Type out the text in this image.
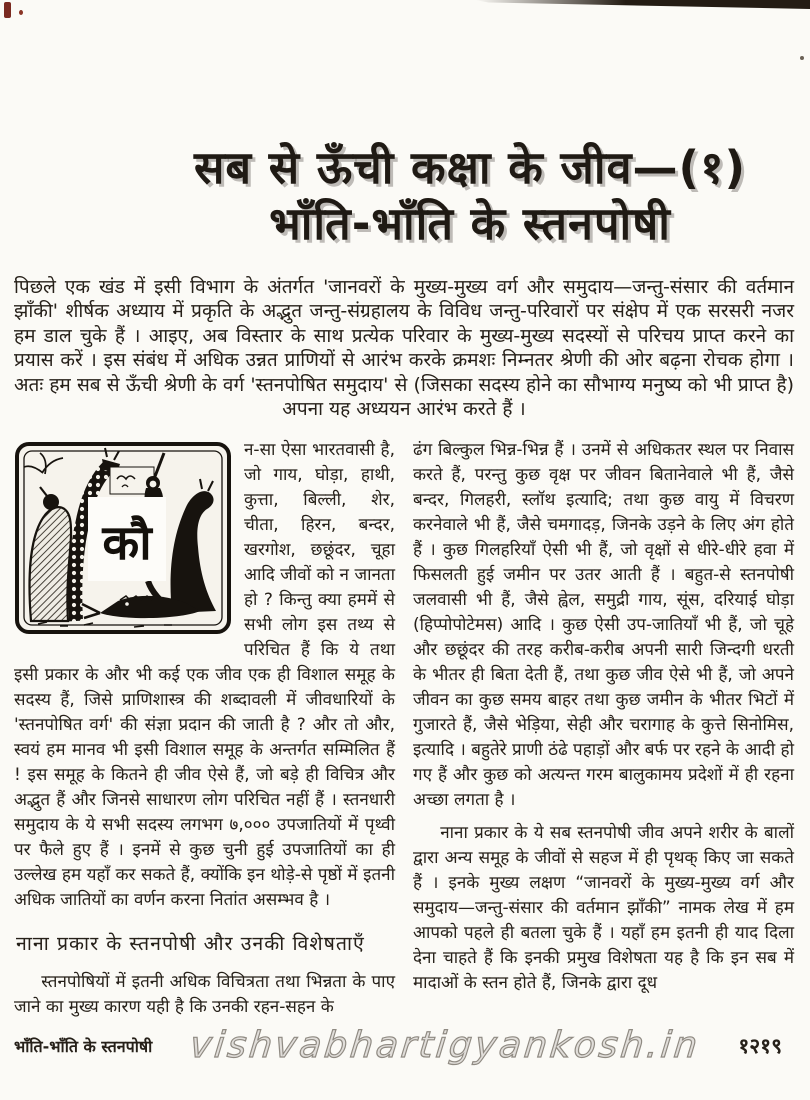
सब से ऊँची कक्षा के जीव—(१)
भाँति-भाँति के स्तनपोषी

पिछले एक खंड में इसी विभाग के अंतर्गत 'जानवरों के मुख्य-मुख्य वर्ग और समुदाय—जन्तु-संसार की वर्तमान झाँकी' शीर्षक अध्याय में प्रकृति के अद्भुत जन्तु-संग्रहालय के विविध जन्तु-परिवारों पर संक्षेप में एक सरसरी नजर हम डाल चुके हैं । आइए, अब विस्तार के साथ प्रत्येक परिवार के मुख्य-मुख्य सदस्यों से परिचय प्राप्त करने का प्रयास करें । इस संबंध में अधिक उन्नत प्राणियों से आरंभ करके क्रमशः निम्नतर श्रेणी की ओर बढ़ना रोचक होगा । अतः हम सब से ऊँची श्रेणी के वर्ग 'स्तनपोषित समुदाय' से (जिसका सदस्य होने का सौभाग्य मनुष्य को भी प्राप्त है) अपना यह अध्ययन आरंभ करते हैं ।

कौ

न-सा ऐसा भारतवासी है, जो गाय, घोड़ा, हाथी, कुत्ता, बिल्ली, शेर, चीता, हिरन, बन्दर, खरगोश, छछूंदर, चूहा आदि जीवों को न जानता हो ? किन्तु क्या हममें से सभी लोग इस तथ्य से परिचित हैं कि ये तथा इसी प्रकार के और भी कई एक जीव एक ही विशाल समूह के सदस्य हैं, जिसे प्राणिशास्त्र की शब्दावली में जीवधारियों के 'स्तनपोषित वर्ग' की संज्ञा प्रदान की जाती है ? और तो और, स्वयं हम मानव भी इसी विशाल समूह के अन्तर्गत सम्मिलित हैं ! इस समूह के कितने ही जीव ऐसे हैं, जो बड़े ही विचित्र और अद्भुत हैं और जिनसे साधारण लोग परिचित नहीं हैं । स्तनधारी समुदाय के ये सभी सदस्य लगभग ७,००० उपजातियों में पृथ्वी पर फैले हुए हैं । इनमें से कुछ चुनी हुई उपजातियों का ही उल्लेख हम यहाँ कर सकते हैं, क्योंकि इन थोड़े-से पृष्ठों में इतनी अधिक जातियों का वर्णन करना नितांत असम्भव है ।

नाना प्रकार के स्तनपोषी और उनकी विशेषताएँ

स्तनपोषियों में इतनी अधिक विचित्रता तथा भिन्नता के पाए जाने का मुख्य कारण यही है कि उनकी रहन-सहन के

ढंग बिल्कुल भिन्न-भिन्न हैं । उनमें से अधिकतर स्थल पर निवास करते हैं, परन्तु कुछ वृक्ष पर जीवन बितानेवाले भी हैं, जैसे बन्दर, गिलहरी, स्लॉथ इत्यादि; तथा कुछ वायु में विचरण करनेवाले भी हैं, जैसे चमगादड़, जिनके उड़ने के लिए अंग होते हैं । कुछ गिलहरियाँ ऐसी भी हैं, जो वृक्षों से धीरे-धीरे हवा में फिसलती हुई जमीन पर उतर आती हैं । बहुत-से स्तनपोषी जलवासी भी हैं, जैसे ह्वेल, समुद्री गाय, सूंस, दरियाई घोड़ा (हिप्पोपोटेमस) आदि । कुछ ऐसी उप-जातियाँ भी हैं, जो चूहे और छछूंदर की तरह करीब-करीब अपनी सारी जिन्दगी धरती के भीतर ही बिता देती हैं, तथा कुछ जीव ऐसे भी हैं, जो अपने जीवन का कुछ समय बाहर तथा कुछ जमीन के भीतर भिटों में गुजारते हैं, जैसे भेड़िया, सेही और चरागाह के कुत्ते सिनोमिस, इत्यादि । बहुतेरे प्राणी ठंढे पहाड़ों और बर्फ पर रहने के आदी हो गए हैं और कुछ को अत्यन्त गरम बालुकामय प्रदेशों में ही रहना अच्छा लगता है ।

नाना प्रकार के ये सब स्तनपोषी जीव अपने शरीर के बालों द्वारा अन्य समूह के जीवों से सहज में ही पृथक् किए जा सकते हैं । इनके मुख्य लक्षण “जानवरों के मुख्य-मुख्य वर्ग और समुदाय—जन्तु-संसार की वर्तमान झाँकी” नामक लेख में हम आपको पहले ही बतला चुके हैं । यहाँ हम इतनी ही याद दिला देना चाहते हैं कि इनकी प्रमुख विशेषता यह है कि इन सब में मादाओं के स्तन होते हैं, जिनके द्वारा दूध

भाँति-भाँति के स्तनपोषी	vishvabhartigyankosh.in	१२१९
